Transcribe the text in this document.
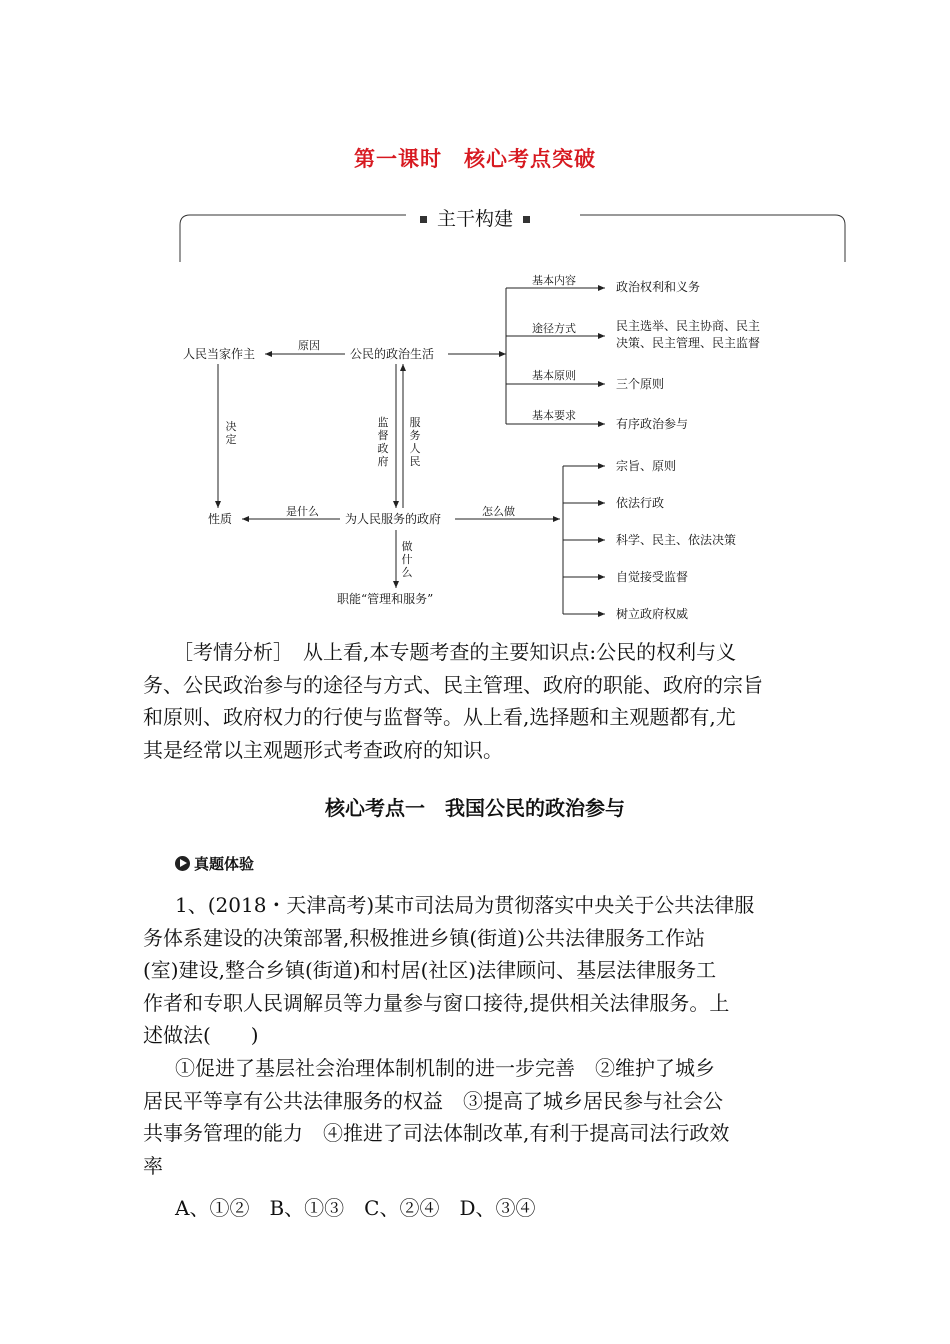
第一课时　核心考点突破
主干构建
人民当家作主	公民的政治生活
性质	为人民服务的政府
职能“管理和服务”
政治权利和义务
民主选举、民主协商、民主
决策、民主管理、民主监督
三个原则
有序政治参与
宗旨、原则
依法行政
科学、民主、依法决策
自觉接受监督
树立政府权威
原因
是什么	怎么做
基本内容
途径方式
基本原则
基本要求
决定
监督政府
服务人民
做什么
［考情分析］　从上看,本专题考查的主要知识点:公民的权利与义
务、公民政治参与的途径与方式、民主管理、政府的职能、政府的宗旨
和原则、政府权力的行使与监督等。从上看,选择题和主观题都有,尤
其是经常以主观题形式考查政府的知识。
核心考点一　我国公民的政治参与
真题体验
1、(2018・天津高考)某市司法局为贯彻落实中央关于公共法律服
务体系建设的决策部署,积极推进乡镇(街道)公共法律服务工作站
(室)建设,整合乡镇(街道)和村居(社区)法律顾问、基层法律服务工
作者和专职人民调解员等力量参与窗口接待,提供相关法律服务。上
述做法(　　)
①促进了基层社会治理体制机制的进一步完善　②维护了城乡
居民平等享有公共法律服务的权益　③提高了城乡居民参与社会公
共事务管理的能力　④推进了司法体制改革,有利于提高司法行政效
率
A、①②　B、①③　C、②④　D、③④
